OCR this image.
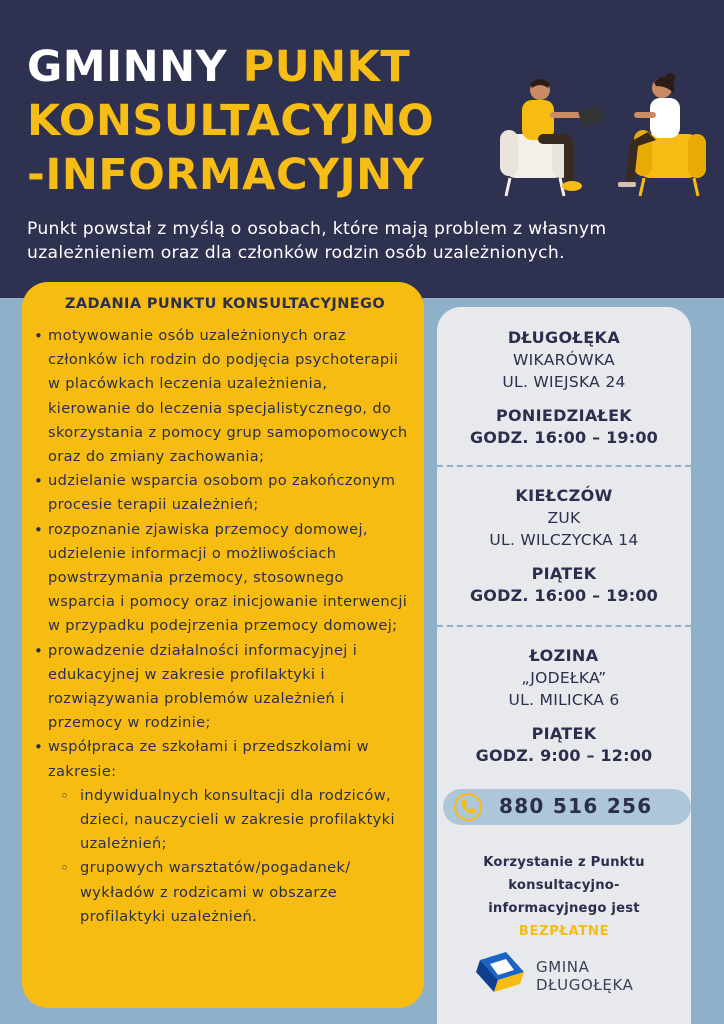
GMINNY PUNKT
KONSULTACYJNO
-INFORMACYJNY
Punkt powstał z myślą o osobach, które mają problem z własnym uzależnieniem oraz dla członków rodzin osób uzależnionych.
ZADANIA PUNKTU KONSULTACYJNEGO
• motywowanie osób uzależnionych oraz członków ich rodzin do podjęcia psychoterapii w placówkach leczenia uzależnienia, kierowanie do leczenia specjalistycznego, do skorzystania z pomocy grup samopomocowych oraz do zmiany zachowania;
• udzielanie wsparcia osobom po zakończonym procesie terapii uzależnień;
• rozpoznanie zjawiska przemocy domowej, udzielenie informacji o możliwościach powstrzymania przemocy, stosownego wsparcia i pomocy oraz inicjowanie interwencji w przypadku podejrzenia przemocy domowej;
• prowadzenie działalności informacyjnej i edukacyjnej w zakresie profilaktyki i rozwiązywania problemów uzależnień i przemocy w rodzinie;
• współpraca ze szkołami i przedszkolami w zakresie:
◦ indywidualnych konsultacji dla rodziców, dzieci, nauczycieli w zakresie profilaktyki uzależnień;
◦ grupowych warsztatów/pogadanek/ wykładów z rodzicami w obszarze profilaktyki uzależnień.
DŁUGOŁĘKA
WIKARÓWKA
UL. WIEJSKA 24
PONIEDZIAŁEK
GODZ. 16:00 – 19:00
KIEŁCZÓW
ZUK
UL. WILCZYCKA 14
PIĄTEK
GODZ. 16:00 – 19:00
ŁOZINA
„JODEŁKA”
UL. MILICKA 6
PIĄTEK
GODZ. 9:00 – 12:00
880 516 256
Korzystanie z Punktu
konsultacyjno-
informacyjnego jest
BEZPŁATNE
GMINA
DŁUGOŁĘKA
